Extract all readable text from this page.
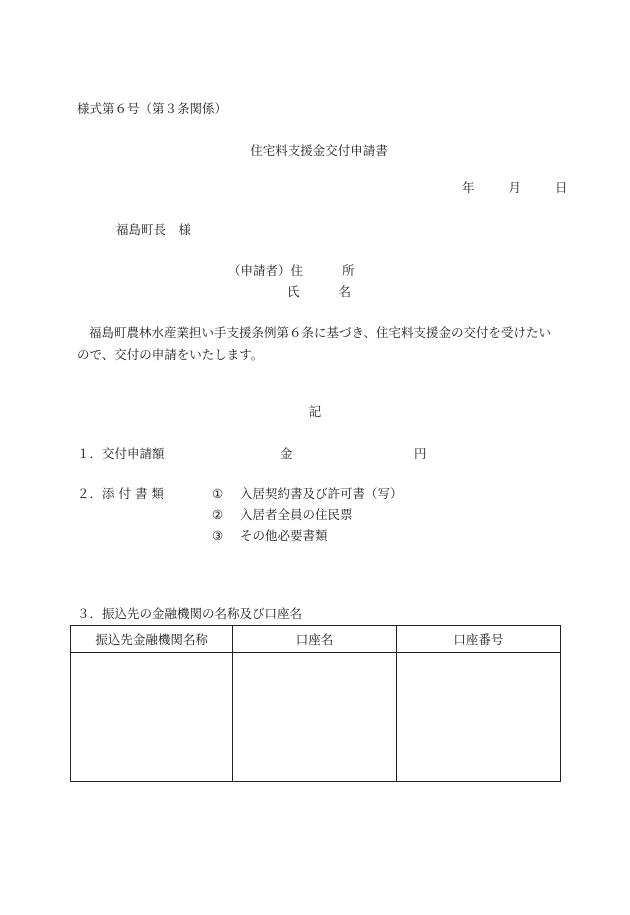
様式第６号（第３条関係）
住宅料支援金交付申請書
年	月	日
福島町長　様
（申請者）住	所
氏	名
福島町農林水産業担い手支援条例第６条に基づき、住宅料支援金の交付を受けたいので、交付の申請をいたします。
記
１．交付申請額	金	円
２．添 付 書 類	① 入居契約書及び許可書（写）
② 入居者全員の住民票
③ その他必要書類
３．振込先の金融機関の名称及び口座名
振込先金融機関名称	口座名	口座番号
